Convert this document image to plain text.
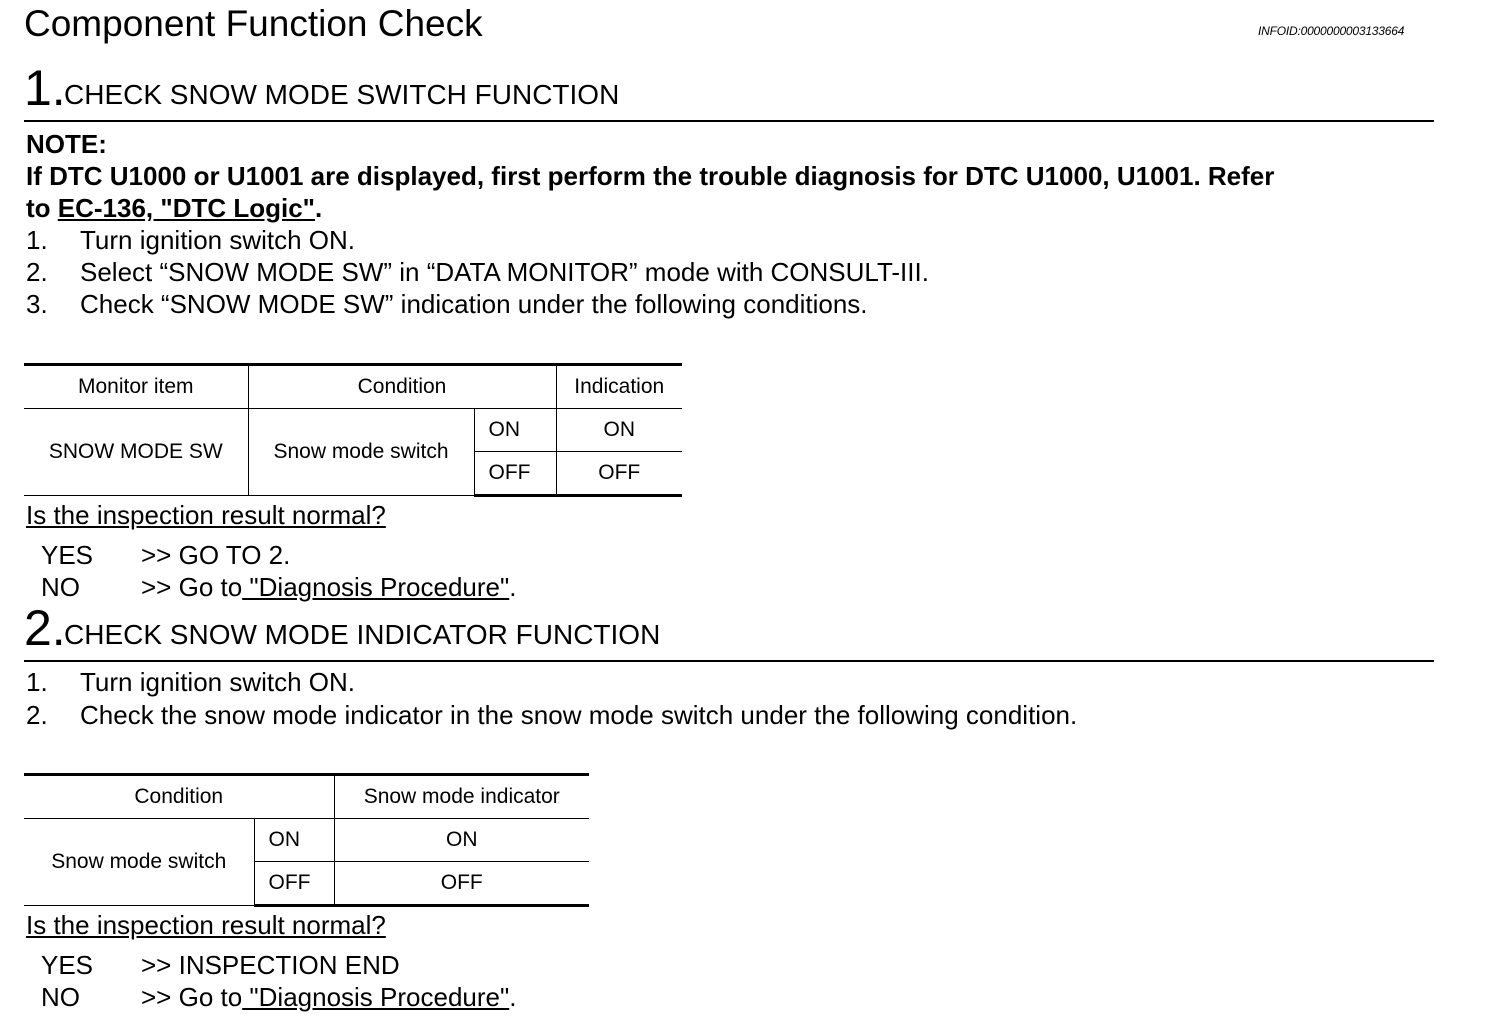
Component Function Check	INFOID:0000000003133664
1.
CHECK SNOW MODE SWITCH FUNCTION
NOTE:
If DTC U1000 or U1001 are displayed, first perform the trouble diagnosis for DTC U1000, U1001. Refer
to EC-136, "DTC Logic".
1. Turn ignition switch ON.
2. Select “SNOW MODE SW” in “DATA MONITOR” mode with CONSULT-III.
3. Check “SNOW MODE SW” indication under the following conditions.
Monitor item	Condition		Indication
SNOW MODE SW	Snow mode switch	ON	ON
		OFF	OFF
Is the inspection result normal?
YES >> GO TO 2.
NO >> Go to "Diagnosis Procedure".
2.
CHECK SNOW MODE INDICATOR FUNCTION
1. Turn ignition switch ON.
2. Check the snow mode indicator in the snow mode switch under the following condition.
Condition		Snow mode indicator
Snow mode switch	ON	ON
	OFF	OFF
Is the inspection result normal?
YES >> INSPECTION END
NO >> Go to "Diagnosis Procedure".
